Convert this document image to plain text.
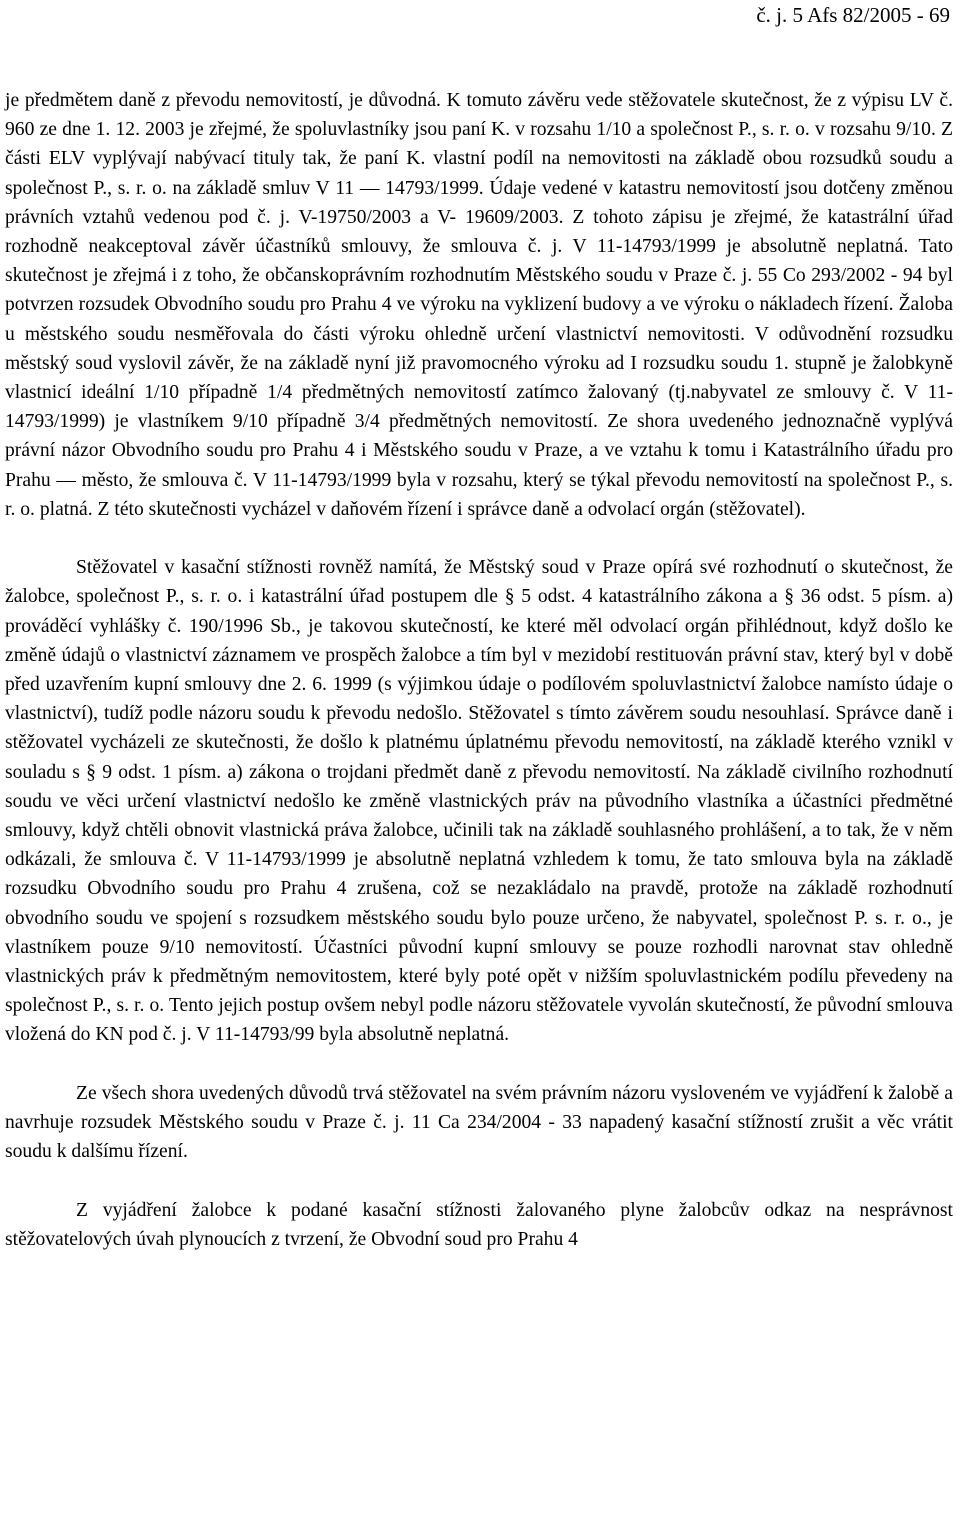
č. j. 5 Afs 82/2005 - 69

je předmětem daně z převodu nemovitostí, je důvodná. K tomuto závěru vede stěžovatele skutečnost, že z výpisu LV č. 960 ze dne 1. 12. 2003 je zřejmé, že spoluvlastníky jsou paní K. v rozsahu 1/10 a společnost P., s. r. o. v rozsahu 9/10. Z části ELV vyplývají nabývací tituly tak, že paní K. vlastní podíl na nemovitosti na základě obou rozsudků soudu a společnost P., s. r. o. na základě smluv V 11 — 14793/1999. Údaje vedené v katastru nemovitostí jsou dotčeny změnou právních vztahů vedenou pod č. j. V-19750/2003 a V- 19609/2003. Z tohoto zápisu je zřejmé, že katastrální úřad rozhodně neakceptoval závěr účastníků smlouvy, že smlouva č. j. V 11-14793/1999 je absolutně neplatná. Tato skutečnost je zřejmá i z toho, že občanskoprávním rozhodnutím Městského soudu v Praze č. j. 55 Co 293/2002 - 94 byl potvrzen rozsudek Obvodního soudu pro Prahu 4 ve výroku na vyklizení budovy a ve výroku o nákladech řízení. Žaloba u městského soudu nesměřovala do části výroku ohledně určení vlastnictví nemovitosti. V odůvodnění rozsudku městský soud vyslovil závěr, že na základě nyní již pravomocného výroku ad I rozsudku soudu 1. stupně je žalobkyně vlastnicí ideální 1/10 případně 1/4 předmětných nemovitostí zatímco žalovaný (tj.nabyvatel ze smlouvy č. V 11-14793/1999) je vlastníkem 9/10 případně 3/4 předmětných nemovitostí. Ze shora uvedeného jednoznačně vyplývá právní názor Obvodního soudu pro Prahu 4 i Městského soudu v Praze, a ve vztahu k tomu i Katastrálního úřadu pro Prahu — město, že smlouva č. V 11-14793/1999 byla v rozsahu, který se týkal převodu nemovitostí na společnost P., s. r. o. platná. Z této skutečnosti vycházel v daňovém řízení i správce daně a odvolací orgán (stěžovatel).

Stěžovatel v kasační stížnosti rovněž namítá, že Městský soud v Praze opírá své rozhodnutí o skutečnost, že žalobce, společnost P., s. r. o. i katastrální úřad postupem dle § 5 odst. 4 katastrálního zákona a § 36 odst. 5 písm. a) prováděcí vyhlášky č. 190/1996 Sb., je takovou skutečností, ke které měl odvolací orgán přihlédnout, když došlo ke změně údajů o vlastnictví záznamem ve prospěch žalobce a tím byl v mezidobí restituován právní stav, který byl v době před uzavřením kupní smlouvy dne 2. 6. 1999 (s výjimkou údaje o podílovém spoluvlastnictví žalobce namísto údaje o vlastnictví), tudíž podle názoru soudu k převodu nedošlo. Stěžovatel s tímto závěrem soudu nesouhlasí. Správce daně i stěžovatel vycházeli ze skutečnosti, že došlo k platnému úplatnému převodu nemovitostí, na základě kterého vznikl v souladu s § 9 odst. 1 písm. a) zákona o trojdani předmět daně z převodu nemovitostí. Na základě civilního rozhodnutí soudu ve věci určení vlastnictví nedošlo ke změně vlastnických práv na původního vlastníka a účastníci předmětné smlouvy, když chtěli obnovit vlastnická práva žalobce, učinili tak na základě souhlasného prohlášení, a to tak, že v něm odkázali, že smlouva č. V 11-14793/1999 je absolutně neplatná vzhledem k tomu, že tato smlouva byla na základě rozsudku Obvodního soudu pro Prahu 4 zrušena, což se nezakládalo na pravdě, protože na základě rozhodnutí obvodního soudu ve spojení s rozsudkem městského soudu bylo pouze určeno, že nabyvatel, společnost P. s. r. o., je vlastníkem pouze 9/10 nemovitostí. Účastníci původní kupní smlouvy se pouze rozhodli narovnat stav ohledně vlastnických práv k předmětným nemovitostem, které byly poté opět v nižším spoluvlastnickém podílu převedeny na společnost P., s. r. o. Tento jejich postup ovšem nebyl podle názoru stěžovatele vyvolán skutečností, že původní smlouva vložená do KN pod č. j. V 11-14793/99 byla absolutně neplatná.

Ze všech shora uvedených důvodů trvá stěžovatel na svém právním názoru vysloveném ve vyjádření k žalobě a navrhuje rozsudek Městského soudu v Praze č. j. 11 Ca 234/2004 - 33 napadený kasační stížností zrušit a věc vrátit soudu k dalšímu řízení.

Z vyjádření žalobce k podané kasační stížnosti žalovaného plyne žalobcův odkaz na nesprávnost stěžovatelových úvah plynoucích z tvrzení, že Obvodní soud pro Prahu 4
